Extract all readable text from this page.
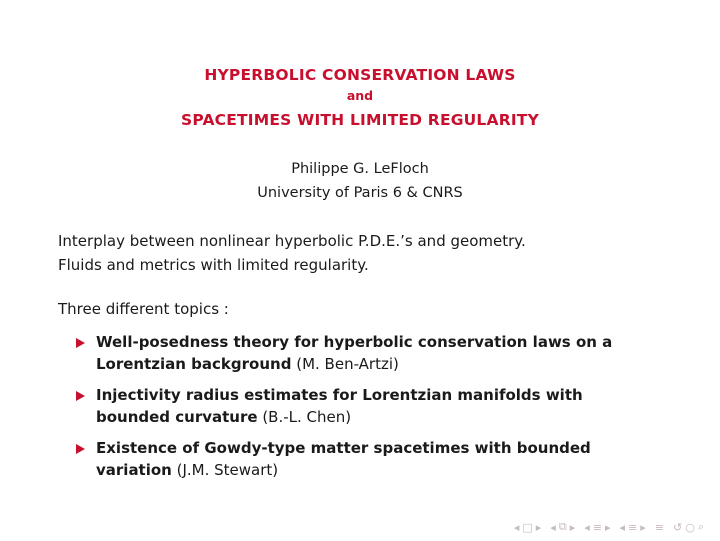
HYPERBOLIC CONSERVATION LAWS
and
SPACETIMES WITH LIMITED REGULARITY
Philippe G. LeFloch
University of Paris 6 & CNRS
Interplay between nonlinear hyperbolic P.D.E.’s and geometry.
Fluids and metrics with limited regularity.
Three different topics :
Well-posedness theory for hyperbolic conservation laws on a
Lorentzian background (M. Ben-Artzi)
Injectivity radius estimates for Lorentzian manifolds with
bounded curvature (B.-L. Chen)
Existence of Gowdy-type matter spacetimes with bounded
variation (J.M. Stewart)
◂ □ ▸ ◂ ⧉ ▸ ◂ ≡ ▸ ◂ ≡ ▸ ≡ ↺ ○ ⌕
